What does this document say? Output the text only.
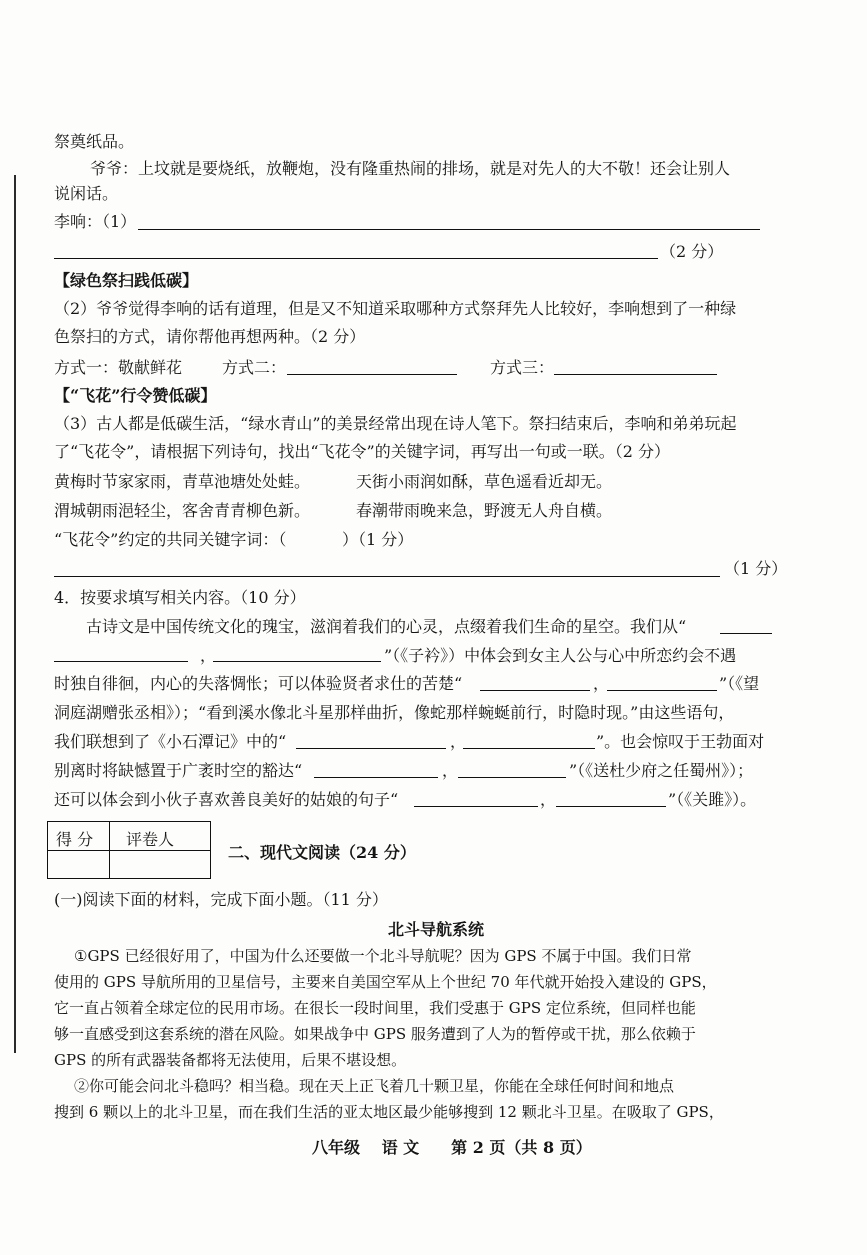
祭奠纸品。
爷爷：上坟就是要烧纸，放鞭炮，没有隆重热闹的排场，就是对先人的大不敬！还会让别人
说闲话。
李响：（1）
（2 分）
【绿色祭扫践低碳】
（2）爷爷觉得李响的话有道理，但是又不知道采取哪种方式祭拜先人比较好，李响想到了一种绿
色祭扫的方式，请你帮他再想两种。（2 分）
方式一：敬献鲜花 方式二：	方式三：
【“飞花”行令赞低碳】
（3）古人都是低碳生活，“绿水青山”的美景经常出现在诗人笔下。祭扫结束后，李响和弟弟玩起
了“飞花令”，请根据下列诗句，找出“飞花令”的关键字词，再写出一句或一联。（2 分）
黄梅时节家家雨，青草池塘处处蛙。	天街小雨润如酥，草色遥看近却无。
渭城朝雨浥轻尘，客舍青青柳色新。	春潮带雨晚来急，野渡无人舟自横。
“飞花令”约定的共同关键字词：（	）（1 分）
（1 分）
4．按要求填写相关内容。（10 分）
古诗文是中国传统文化的瑰宝，滋润着我们的心灵，点缀着我们生命的星空。我们从“
，	”（《子衿》）中体会到女主人公与心中所恋约会不遇
时独自徘徊，内心的失落惆怅；可以体验贤者求仕的苦楚“	，	”（《望
洞庭湖赠张丞相》）；“看到溪水像北斗星那样曲折，像蛇那样蜿蜒前行，时隐时现。”由这些语句，
我们联想到了《小石潭记》中的“	，	”。也会惊叹于王勃面对
别离时将缺憾置于广袤时空的豁达“	，	”（《送杜少府之任蜀州》）；
还可以体会到小伙子喜欢善良美好的姑娘的句子“	，	”（《关雎》）。
得 分 评卷人
二、现代文阅读（24 分）
(一)阅读下面的材料，完成下面小题。（11 分）
北斗导航系统
①GPS 已经很好用了，中国为什么还要做一个北斗导航呢？因为 GPS 不属于中国。我们日常
使用的 GPS 导航所用的卫星信号，主要来自美国空军从上个世纪 70 年代就开始投入建设的 GPS，
它一直占领着全球定位的民用市场。在很长一段时间里，我们受惠于 GPS 定位系统，但同样也能
够一直感受到这套系统的潜在风险。如果战争中 GPS 服务遭到了人为的暂停或干扰，那么依赖于
GPS 的所有武器装备都将无法使用，后果不堪设想。
②你可能会问北斗稳吗？相当稳。现在天上正飞着几十颗卫星，你能在全球任何时间和地点
搜到 6 颗以上的北斗卫星，而在我们生活的亚太地区最少能够搜到 12 颗北斗卫星。在吸取了 GPS，
八年级　 语 文　　第 2 页（共 8 页）
